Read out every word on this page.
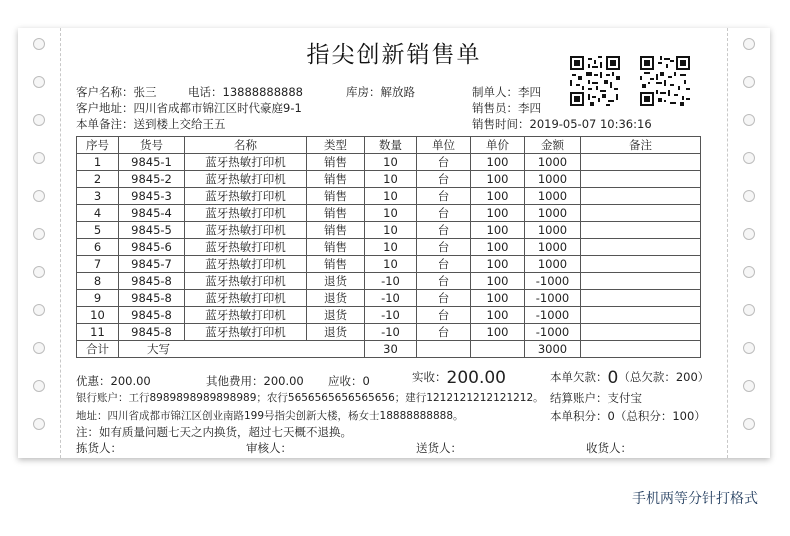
指尖创新销售单
客户名称：张三	电话：13888888888	库房：解放路	制单人：李四
客户地址：四川省成都市锦江区时代豪庭9-1	销售员：李四
本单备注：送到楼上交给王五	销售时间：2019-05-07 10:36:16
序号	货号	名称	类型	数量	单位	单价	金额	备注
1	9845-1	蓝牙热敏打印机	销售	10	台	100	1000	
2	9845-2	蓝牙热敏打印机	销售	10	台	100	1000	
3	9845-3	蓝牙热敏打印机	销售	10	台	100	1000	
4	9845-4	蓝牙热敏打印机	销售	10	台	100	1000	
5	9845-5	蓝牙热敏打印机	销售	10	台	100	1000	
6	9845-6	蓝牙热敏打印机	销售	10	台	100	1000	
7	9845-7	蓝牙热敏打印机	销售	10	台	100	1000	
8	9845-8	蓝牙热敏打印机	退货	-10	台	100	-1000	
9	9845-8	蓝牙热敏打印机	退货	-10	台	100	-1000	
10	9845-8	蓝牙热敏打印机	退货	-10	台	100	-1000	
11	9845-8	蓝牙热敏打印机	退货	-10	台	100	-1000	
合计	大写			30			3000	
优惠：200.00	其他费用：200.00 应收：0	实收：200.00	本单欠款：0（总欠款：200）
银行账户：工行8989898989898989；农行5656565656565656；建行1212121212121212。 结算账户：支付宝
地址：四川省成都市锦江区创业南路199号指尖创新大楼，杨女士18888888888。	本单积分：0（总积分：100）
注：如有质量问题七天之内换货，超过七天概不退换。
拣货人：	审核人：	送货人：	收货人：
手机两等分针打格式
